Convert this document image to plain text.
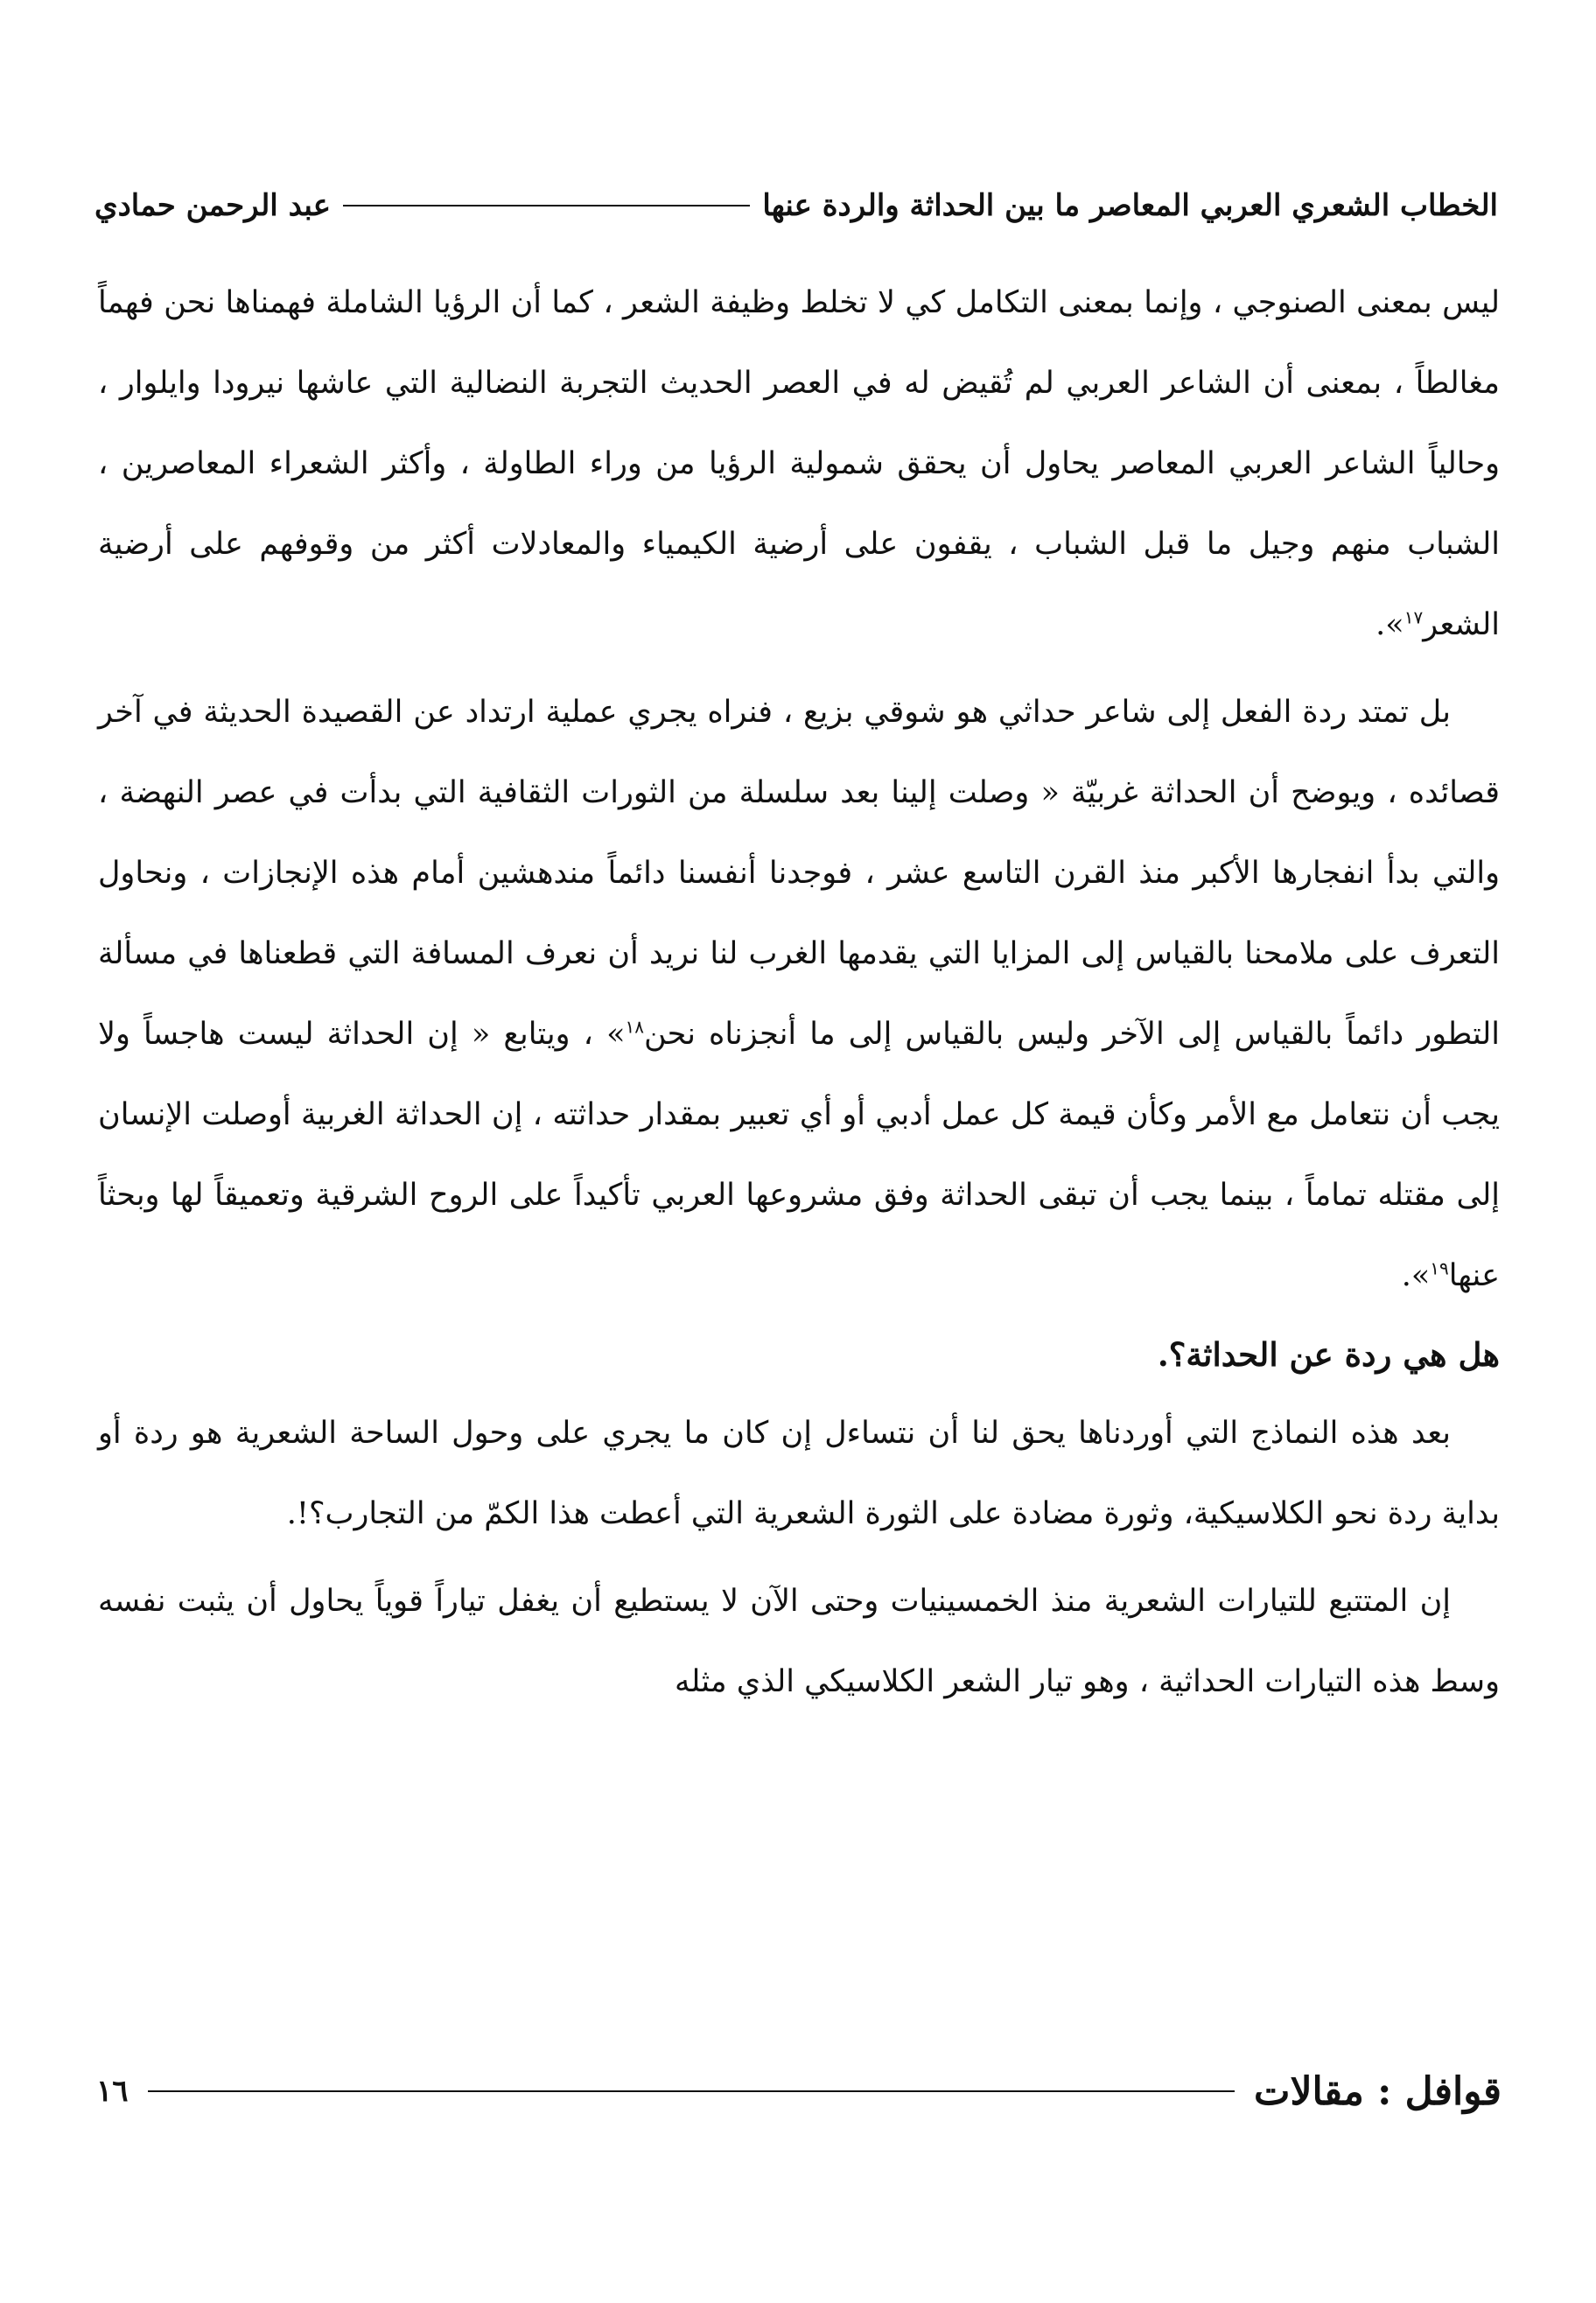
الخطاب الشعري العربي المعاصر ما بين الحداثة والردة عنها
عبد الرحمن حمادي

ليس بمعنى الصنوجي ، وإنما بمعنى التكامل كي لا تخلط وظيفة الشعر ، كما أن الرؤيا الشاملة فهمناها نحن فهماً مغالطاً ، بمعنى أن الشاعر العربي لم تُقيض له في العصر الحديث التجربة النضالية التي عاشها نيرودا وايلوار ، وحالياً الشاعر العربي المعاصر يحاول أن يحقق شمولية الرؤيا من وراء الطاولة ، وأكثر الشعراء المعاصرين ، الشباب منهم وجيل ما قبل الشباب ، يقفون على أرضية الكيمياء والمعادلات أكثر من وقوفهم على أرضية الشعر$^{١٧}$».

بل تمتد ردة الفعل إلى شاعر حداثي هو شوقي بزيع ، فنراه يجري عملية ارتداد عن القصيدة الحديثة في آخر قصائده ، ويوضح أن الحداثة غربيّة « وصلت إلينا بعد سلسلة من الثورات الثقافية التي بدأت في عصر النهضة ، والتي بدأ انفجارها الأكبر منذ القرن التاسع عشر ، فوجدنا أنفسنا دائماً مندهشين أمام هذه الإنجازات ، ونحاول التعرف على ملامحنا بالقياس إلى المزايا التي يقدمها الغرب لنا نريد أن نعرف المسافة التي قطعناها في مسألة التطور دائماً بالقياس إلى الآخر وليس بالقياس إلى ما أنجزناه نحن$^{١٨}$» ، ويتابع « إن الحداثة ليست هاجساً ولا يجب أن نتعامل مع الأمر وكأن قيمة كل عمل أدبي أو أي تعبير بمقدار حداثته ، إن الحداثة الغربية أوصلت الإنسان إلى مقتله تماماً ، بينما يجب أن تبقى الحداثة وفق مشروعها العربي تأكيداً على الروح الشرقية وتعميقاً لها وبحثاً عنها$^{١٩}$».

هل هي ردة عن الحداثة؟.

بعد هذه النماذج التي أوردناها يحق لنا أن نتساءل إن كان ما يجري على وحول الساحة الشعرية هو ردة أو بداية ردة نحو الكلاسيكية، وثورة مضادة على الثورة الشعرية التي أعطت هذا الكمّ من التجارب؟!.

إن المتتبع للتيارات الشعرية منذ الخمسينيات وحتى الآن لا يستطيع أن يغفل تياراً قوياً يحاول أن يثبت نفسه وسط هذه التيارات الحداثية ، وهو تيار الشعر الكلاسيكي الذي مثله

قوافل : مقالات
١٦
